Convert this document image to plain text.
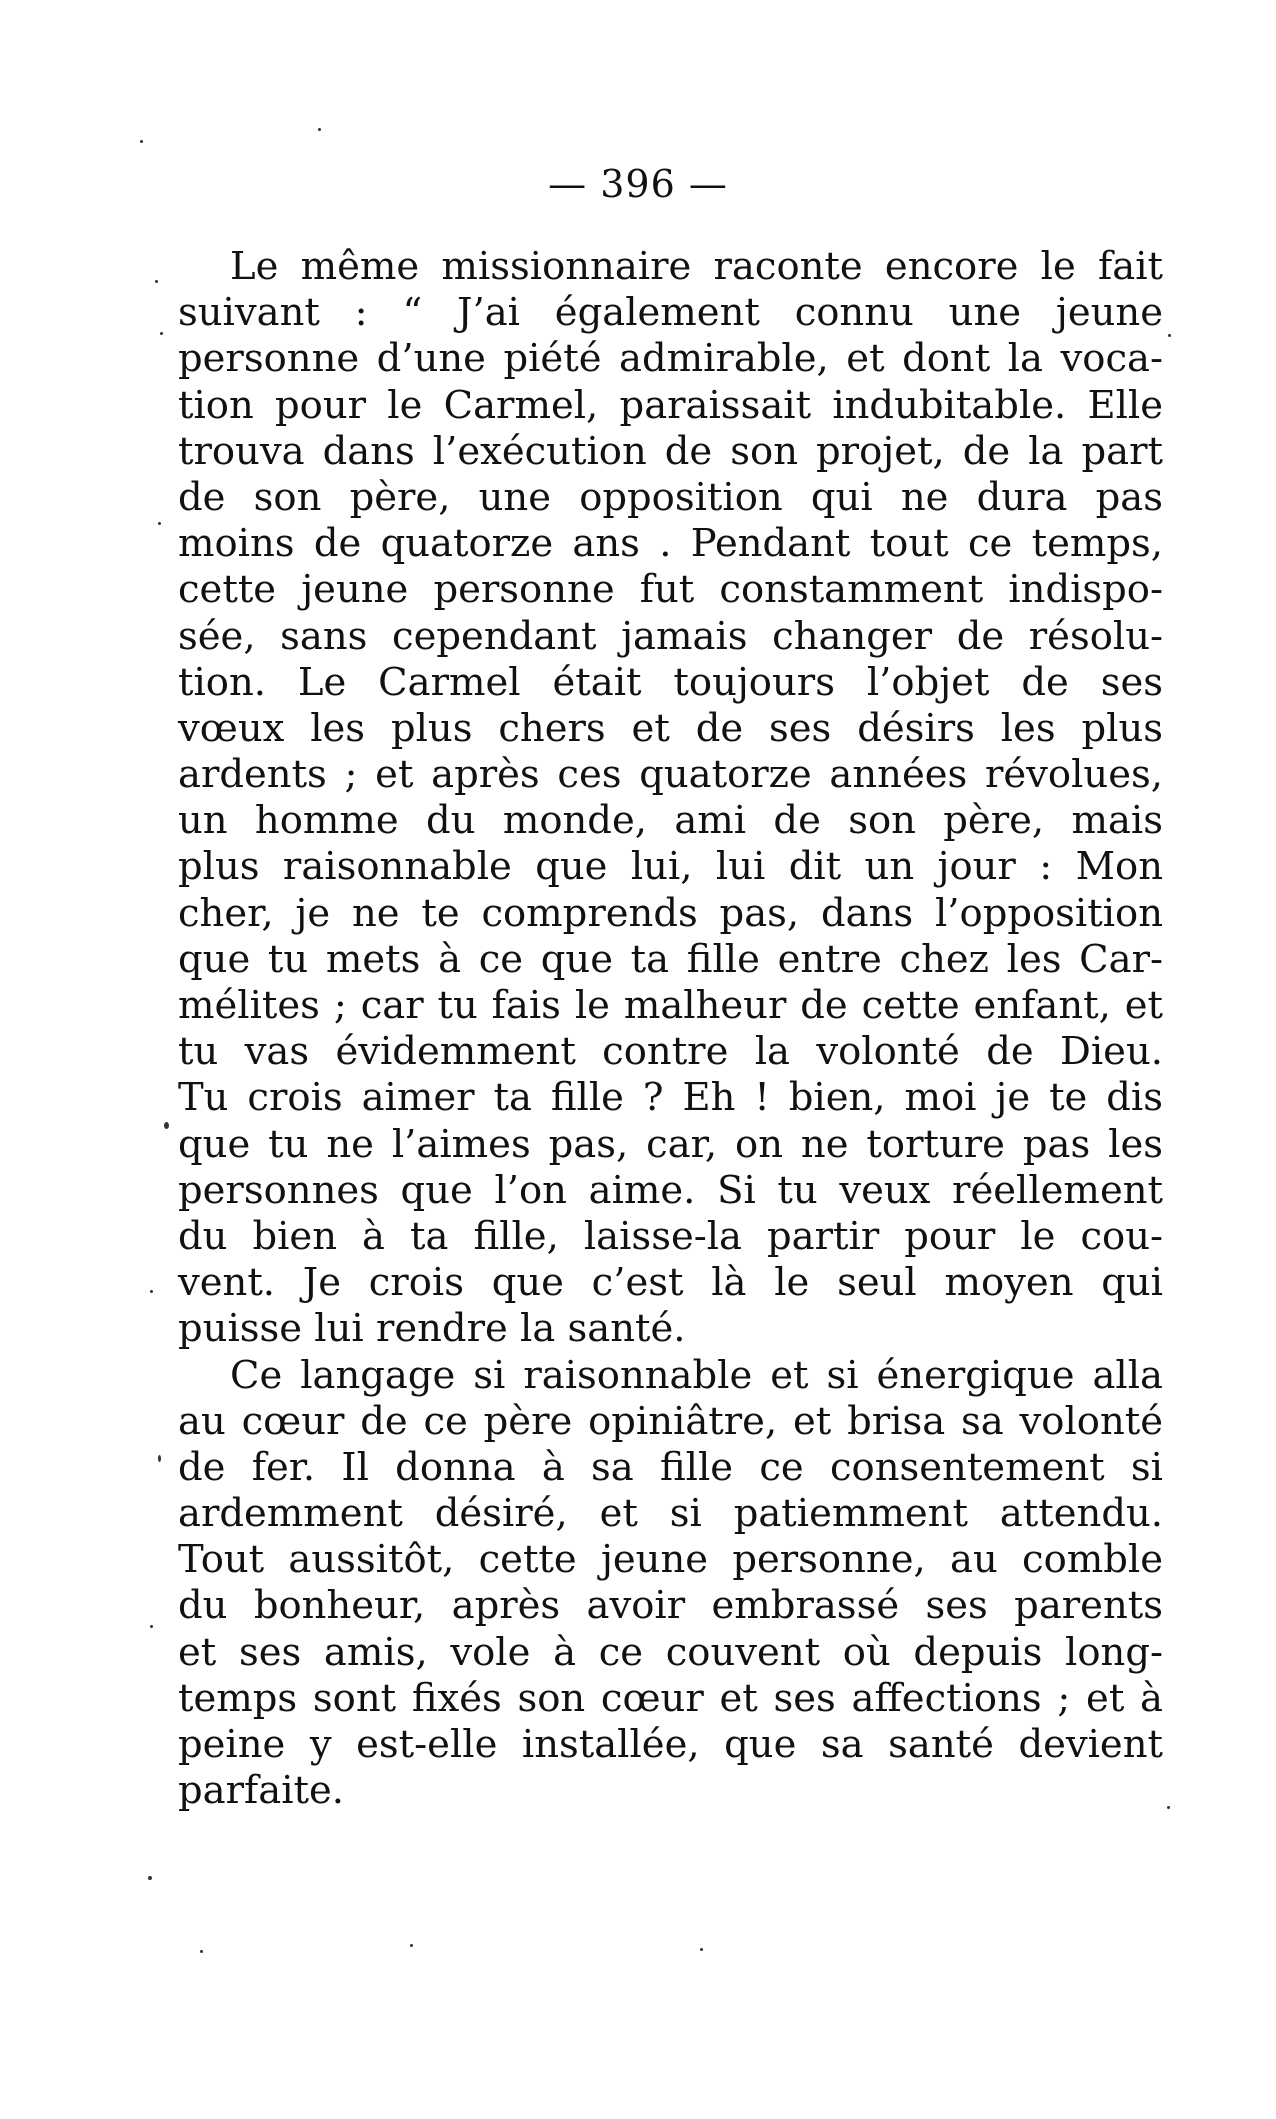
— 396 —
Le même missionnaire raconte encore le fait
suivant : “ J’ai également connu une jeune
personne d’une piété admirable, et dont la voca-
tion pour le Carmel, paraissait indubitable. Elle
trouva dans l’exécution de son projet, de la part
de son père, une opposition qui ne dura pas
moins de quatorze ans . Pendant tout ce temps,
cette jeune personne fut constamment indispo-
sée, sans cependant jamais changer de résolu-
tion. Le Carmel était toujours l’objet de ses
vœux les plus chers et de ses désirs les plus
ardents ; et après ces quatorze années révolues,
un homme du monde, ami de son père, mais
plus raisonnable que lui, lui dit un jour : Mon
cher, je ne te comprends pas, dans l’opposition
que tu mets à ce que ta fille entre chez les Car-
mélites ; car tu fais le malheur de cette enfant, et
tu vas évidemment contre la volonté de Dieu.
Tu crois aimer ta fille ? Eh ! bien, moi je te dis
que tu ne l’aimes pas, car, on ne torture pas les
personnes que l’on aime. Si tu veux réellement
du bien à ta fille, laisse-la partir pour le cou-
vent. Je crois que c’est là le seul moyen qui
puisse lui rendre la santé.
Ce langage si raisonnable et si énergique alla
au cœur de ce père opiniâtre, et brisa sa volonté
de fer. Il donna à sa fille ce consentement si
ardemment désiré, et si patiemment attendu.
Tout aussitôt, cette jeune personne, au comble
du bonheur, après avoir embrassé ses parents
et ses amis, vole à ce couvent où depuis long-
temps sont fixés son cœur et ses affections ; et à
peine y est-elle installée, que sa santé devient
parfaite.
